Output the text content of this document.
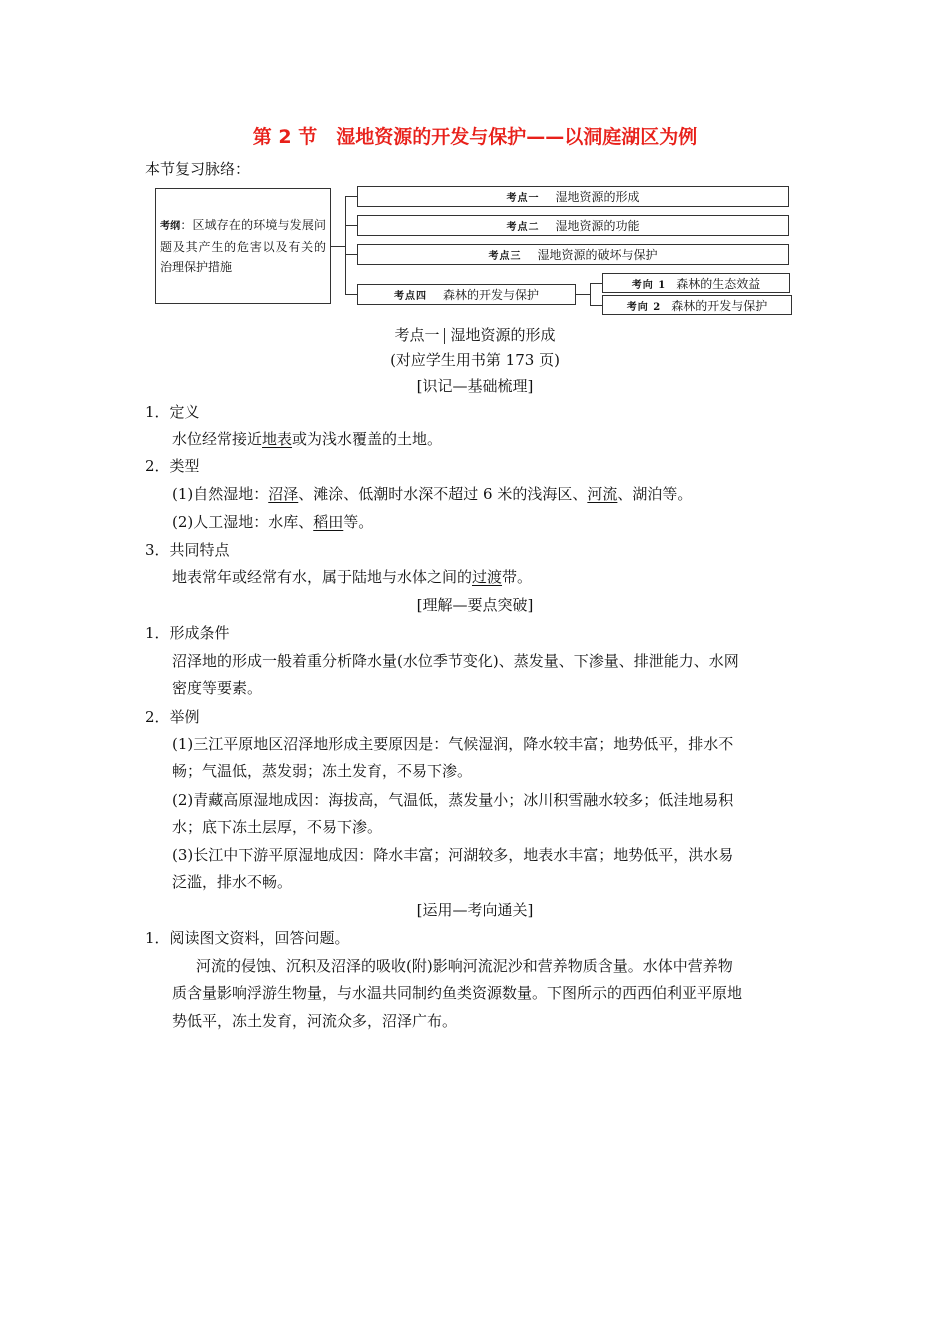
第 2 节　湿地资源的开发与保护——以洞庭湖区为例
本节复习脉络：
考纲：区域存在的环境与发展问题及其产生的危害以及有关的治理保护措施
考点一 湿地资源的形成
考点二 湿地资源的功能
考点三 湿地资源的破坏与保护
考点四 森林的开发与保护
考向 1 森林的生态效益
考向 2 森林的开发与保护
考点一 湿地资源的形成
(对应学生用书第 173 页)
[识记—基础梳理]
1．定义
水位经常接近地表或为浅水覆盖的土地。
2．类型
(1)自然湿地：沼泽、滩涂、低潮时水深不超过 6 米的浅海区、河流、湖泊等。
(2)人工湿地：水库、稻田等。
3．共同特点
地表常年或经常有水，属于陆地与水体之间的过渡带。
[理解—要点突破]
1．形成条件
沼泽地的形成一般着重分析降水量(水位季节变化)、蒸发量、下渗量、排泄能力、水网
密度等要素。
2．举例
(1)三江平原地区沼泽地形成主要原因是：气候湿润，降水较丰富；地势低平，排水不
畅；气温低，蒸发弱；冻土发育，不易下渗。
(2)青藏高原湿地成因：海拔高，气温低，蒸发量小；冰川积雪融水较多；低洼地易积
水；底下冻土层厚，不易下渗。
(3)长江中下游平原湿地成因：降水丰富；河湖较多，地表水丰富；地势低平，洪水易
泛滥，排水不畅。
[运用—考向通关]
1．阅读图文资料，回答问题。
河流的侵蚀、沉积及沼泽的吸收(附)影响河流泥沙和营养物质含量。水体中营养物
质含量影响浮游生物量，与水温共同制约鱼类资源数量。下图所示的西西伯利亚平原地
势低平，冻土发育，河流众多，沼泽广布。
